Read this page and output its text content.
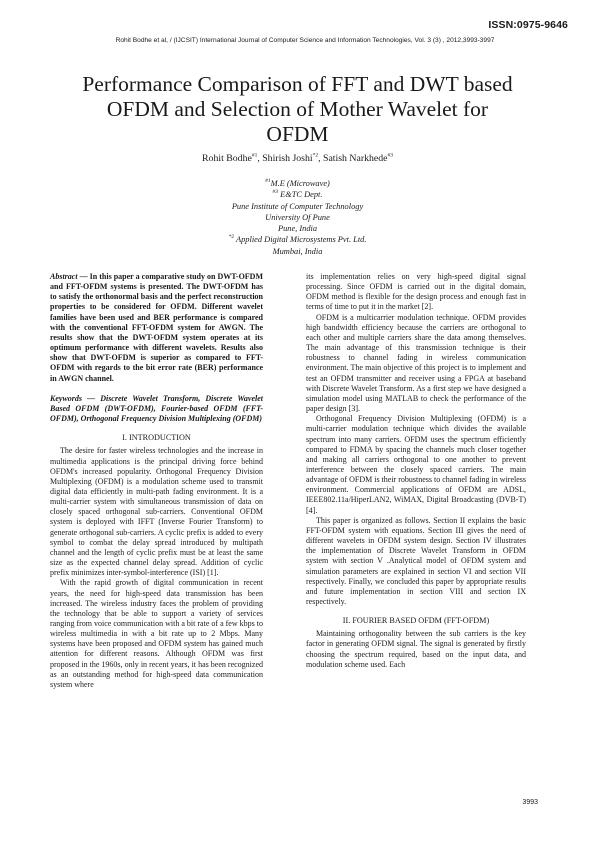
ISSN:0975-9646
Rohit Bodhe et al, / (IJCSIT) International Journal of Computer Science and Information Technologies, Vol. 3 (3) , 2012,3993-3997
Performance Comparison of FFT and DWT based
OFDM and Selection of Mother Wavelet for
OFDM
Rohit Bodhe$^{\#1}$, Shirish Joshi$^{*2}$, Satish Narkhede$^{\#3}$
$^{\#1}$M.E (Microwave)
$^{\#3}$ E&TC Dept.
Pune Institute of Computer Technology
University Of Pune
Pune, India
$^{*2}$ Applied Digital Microsystems Pvt. Ltd.
Mumbai, India

Abstract — In this paper a comparative study on DWT-OFDM and FFT-OFDM systems is presented. The DWT-OFDM has to satisfy the orthonormal basis and the perfect reconstruction properties to be considered for OFDM. Different wavelet families have been used and BER performance is compared with the conventional FFT-OFDM system for AWGN. The results show that the DWT-OFDM system operates at its optimum performance with different wavelets. Results also show that DWT-OFDM is superior as compared to FFT-OFDM with regards to the bit error rate (BER) performance in AWGN channel.

Keywords — Discrete Wavelet Transform, Discrete Wavelet Based OFDM (DWT-OFDM), Fourier-based OFDM (FFT-OFDM), Orthogonal Frequency Division Multiplexing (OFDM)

I. INTRODUCTION

The desire for faster wireless technologies and the increase in multimedia applications is the principal driving force behind OFDM's increased popularity. Orthogonal Frequency Division Multiplexing (OFDM) is a modulation scheme used to transmit digital data efficiently in multi-path fading environment. It is a multi-carrier system with simultaneous transmission of data on closely spaced orthogonal sub-carriers. Conventional OFDM system is deployed with IFFT (Inverse Fourier Transform) to generate orthogonal sub-carriers. A cyclic prefix is added to every symbol to combat the delay spread introduced by multipath channel and the length of cyclic prefix must be at least the same size as the expected channel delay spread. Addition of cyclic prefix minimizes inter-symbol-interference (ISI) [1].

With the rapid growth of digital communication in recent years, the need for high-speed data transmission has been increased. The wireless industry faces the problem of providing the technology that be able to support a variety of services ranging from voice communication with a bit rate of a few kbps to wireless multimedia in with a bit rate up to 2 Mbps. Many systems have been proposed and OFDM system has gained much attention for different reasons. Although OFDM was first proposed in the 1960s, only in recent years, it has been recognized as an outstanding method for high-speed data communication system where

its implementation relies on very high-speed digital signal processing. Since OFDM is carried out in the digital domain, OFDM method is flexible for the design process and enough fast in terms of time to put it in the market [2].

OFDM is a multicarrier modulation technique. OFDM provides high bandwidth efficiency because the carriers are orthogonal to each other and multiple carriers share the data among themselves. The main advantage of this transmission technique is their robustness to channel fading in wireless communication environment. The main objective of this project is to implement and test an OFDM transmitter and receiver using a FPGA at baseband with Discrete Wavelet Transform. As a first step we have designed a simulation model using MATLAB to check the performance of the paper design [3].

Orthogonal Frequency Division Multiplexing (OFDM) is a multi-carrier modulation technique which divides the available spectrum into many carriers. OFDM uses the spectrum efficiently compared to FDMA by spacing the channels much closer together and making all carriers orthogonal to one another to prevent interference between the closely spaced carriers. The main advantage of OFDM is their robustness to channel fading in wireless environment. Commercial applications of OFDM are ADSL, IEEE802.11a/HiperLAN2, WiMAX, Digital Broadcasting (DVB-T) [4].

This paper is organized as follows. Section II explains the basic FFT-OFDM system with equations. Section III gives the need of different wavelets in OFDM system design. Section IV illustrates the implementation of Discrete Wavelet Transform in OFDM system with section V .Analytical model of OFDM system and simulation parameters are explained in section VI and section VII respectively. Finally, we concluded this paper by appropriate results and future implementation in section VIII and section IX respectively.

II. FOURIER BASED OFDM (FFT-OFDM)

Maintaining orthogonality between the sub carriers is the key factor in generating OFDM signal. The signal is generated by firstly choosing the spectrum required, based on the input data, and modulation scheme used. Each

3993
